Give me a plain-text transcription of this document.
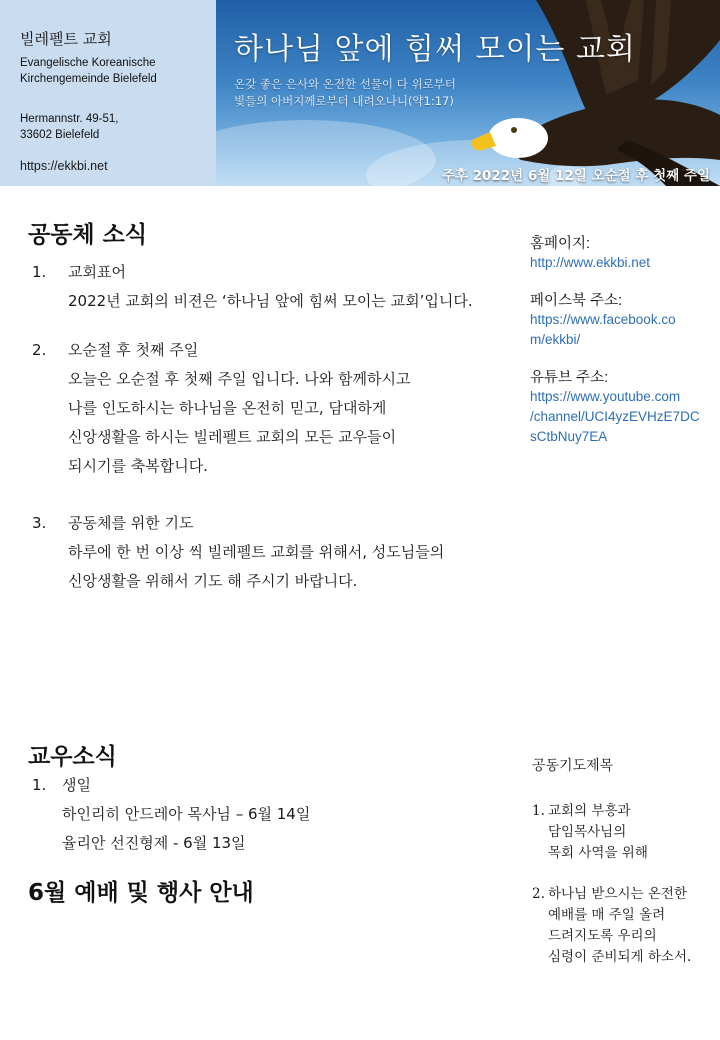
빌레펠트 교회
Evangelische Koreanische
Kirchengemeinde Bielefeld
Hermannstr. 49-51,
33602 Bielefeld
https://ekkbi.net
하나님 앞에 힘써 모이는 교회
온갖 좋은 은사와 온전한 선물이 다 위로부터
빛들의 아버지께로부터 내려오나니(약1:17)
주후 2022년 6월 12일 오순절 후 첫째 주일
공동체 소식
1.	교회표어
2022년 교회의 비젼은 ‘하나님 앞에 힘써 모이는 교회’입니다.
2.	오순절 후 첫째 주일
오늘은 오순절 후 첫째 주일 입니다. 나와 함께하시고
나를 인도하시는 하나님을 온전히 믿고, 담대하게
신앙생활을 하시는 빌레펠트 교회의 모든 교우들이
되시기를 축복합니다.
3.	공동체를 위한 기도
하루에 한 번 이상 씩 빌레펠트 교회를 위해서, 성도님들의
신앙생활을 위해서 기도 해 주시기 바랍니다.
홈페이지:
http://www.ekkbi.net
페이스북 주소:
https://www.facebook.co
m/ekkbi/
유튜브 주소:
https://www.youtube.com
/channel/UCI4yzEVHzE7DC
sCtbNuy7EA
교우소식
1.	생일
하인리히 안드레아 목사님 – 6월 14일
율리안 선진형제 - 6월 13일
6월 예배 및 행사 안내
공동기도제목
1. 교회의 부흥과
담임목사님의
목회 사역을 위해
2. 하나님 받으시는 온전한
예배를 매 주일 올려
드려지도록 우리의
심령이 준비되게 하소서.
